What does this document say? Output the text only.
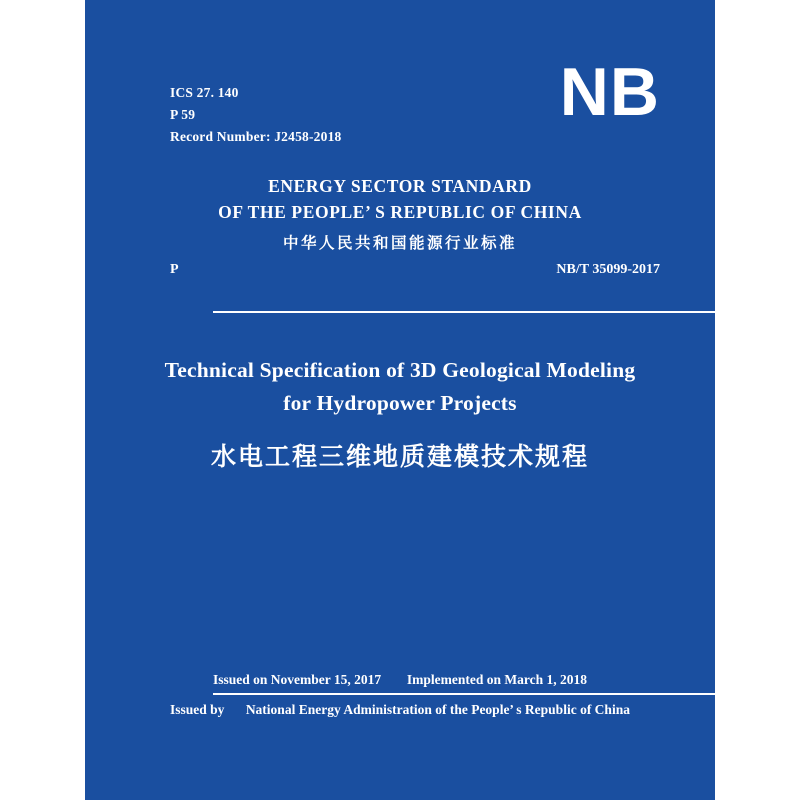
ICS 27. 140
P 59
Record Number: J2458-2018
NB
ENERGY SECTOR STANDARD
OF THE PEOPLE’ S REPUBLIC OF CHINA
中华人民共和国能源行业标准
P	NB/T 35099-2017
Technical Specification of 3D Geological Modeling
for Hydropower Projects
水电工程三维地质建模技术规程
Issued on November 15, 2017 Implemented on March 1, 2018
Issued by National Energy Administration of the People’ s Republic of China
